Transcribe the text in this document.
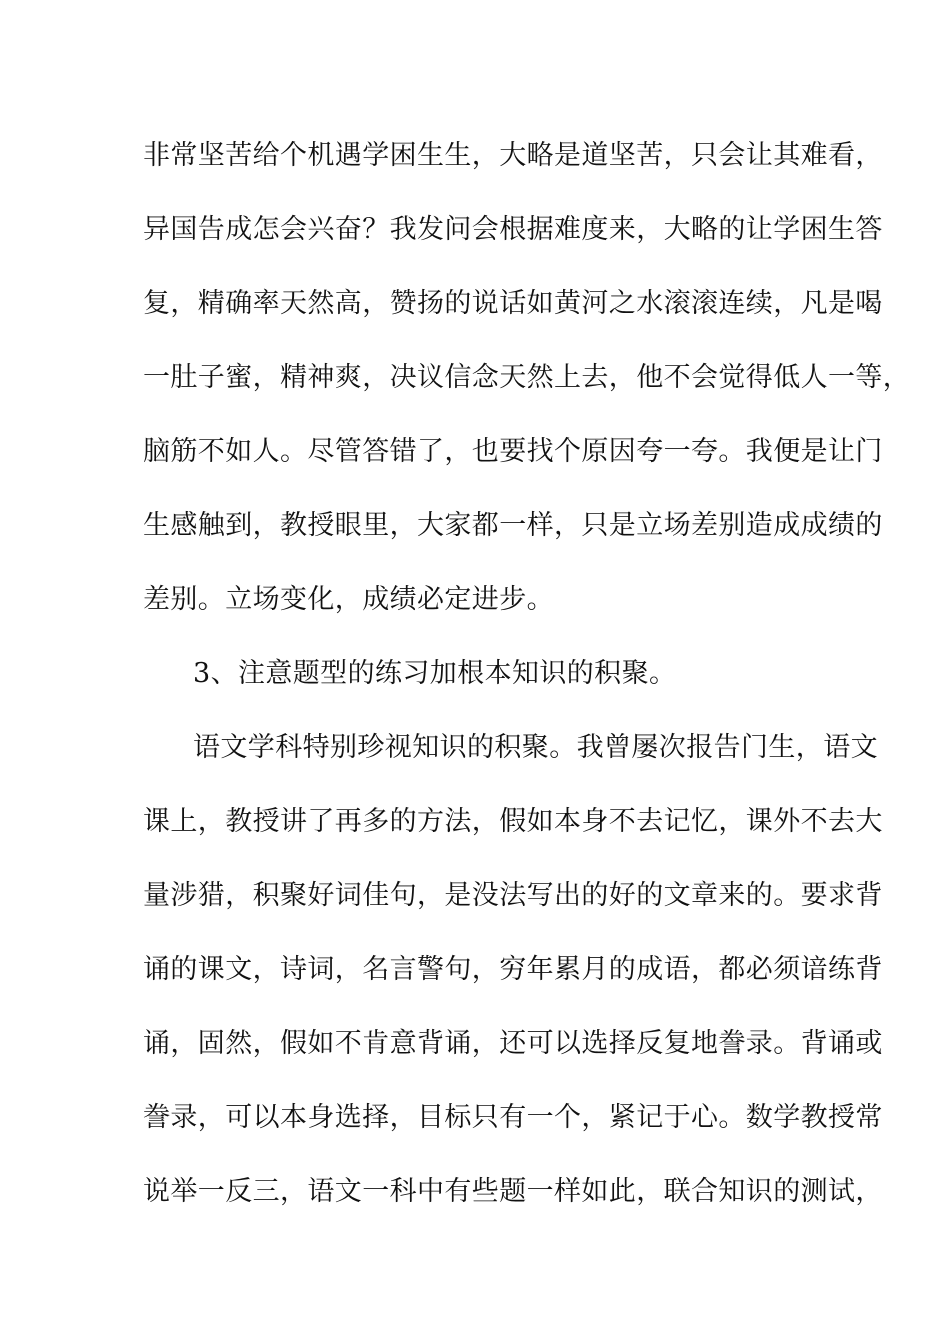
非常坚苦给个机遇学困生生，大略是道坚苦，只会让其难看，
异国告成怎会兴奋？我发问会根据难度来，大略的让学困生答
复，精确率天然高，赞扬的说话如黄河之水滚滚连续，凡是喝
一肚子蜜，精神爽，决议信念天然上去，他不会觉得低人一等，
脑筋不如人。尽管答错了，也要找个原因夸一夸。我便是让门
生感触到，教授眼里，大家都一样，只是立场差别造成成绩的
差别。立场变化，成绩必定进步。
3、注意题型的练习加根本知识的积聚。
语文学科特别珍视知识的积聚。我曾屡次报告门生，语文
课上，教授讲了再多的方法，假如本身不去记忆，课外不去大
量涉猎，积聚好词佳句，是没法写出的好的文章来的。要求背
诵的课文，诗词，名言警句，穷年累月的成语，都必须谙练背
诵，固然，假如不肯意背诵，还可以选择反复地誊录。背诵或
誊录，可以本身选择，目标只有一个，紧记于心。数学教授常
说举一反三，语文一科中有些题一样如此，联合知识的测试，
